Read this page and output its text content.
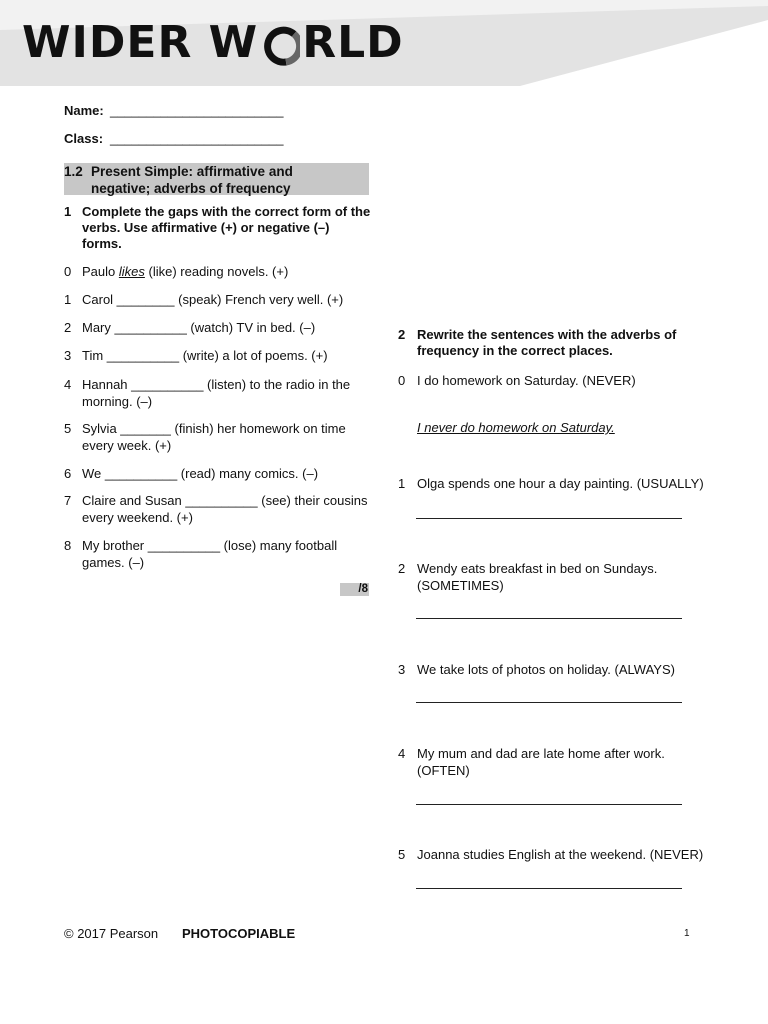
WIDER W RLD
Name: ________________________
Class: ________________________
1.2 Present Simple: affirmative and
negative; adverbs of frequency
1 Complete the gaps with the correct form of the
verbs. Use affirmative (+) or negative (–)
forms.
0 Paulo likes (like) reading novels. (+)
1 Carol ________ (speak) French very well. (+)
2 Mary __________ (watch) TV in bed. (–)
3 Tim __________ (write) a lot of poems. (+)
4 Hannah __________ (listen) to the radio in the
morning. (–)
5 Sylvia _______ (finish) her homework on time
every week. (+)
6 We __________ (read) many comics. (–)
7 Claire and Susan __________ (see) their cousins
every weekend. (+)
8 My brother __________ (lose) many football
games. (–)
/8
2 Rewrite the sentences with the adverbs of
frequency in the correct places.
0 I do homework on Saturday. (NEVER)
I never do homework on Saturday.
1 Olga spends one hour a day painting. (USUALLY)
2 Wendy eats breakfast in bed on Sundays.
(SOMETIMES)
3 We take lots of photos on holiday. (ALWAYS)
4 My mum and dad are late home after work.
(OFTEN)
5 Joanna studies English at the weekend. (NEVER)
© 2017 Pearson PHOTOCOPIABLE	1
